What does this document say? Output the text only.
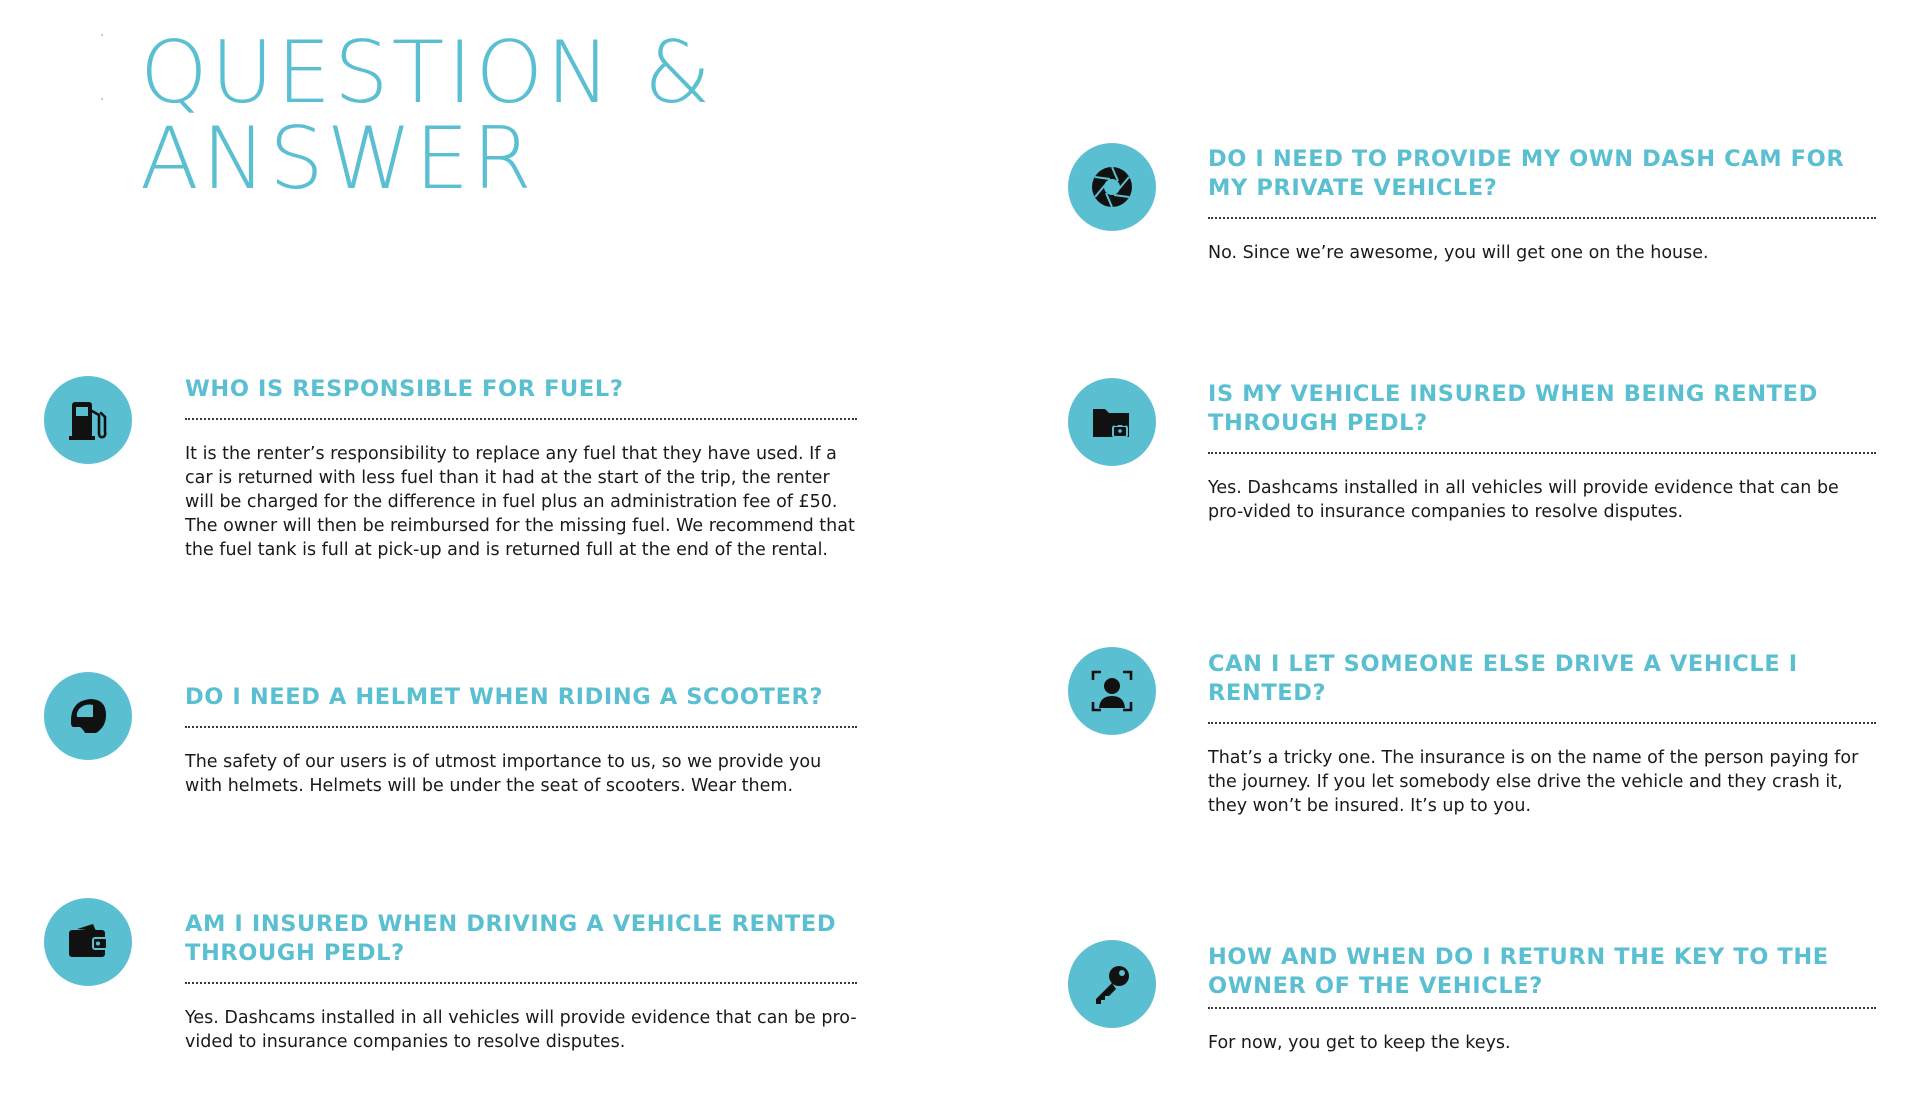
QUESTION &
ANSWER
WHO IS RESPONSIBLE FOR FUEL?

It is the renter’s responsibility to replace any fuel that they have used. If a car is returned with less fuel than it had at the start of the trip, the renter will be charged for the difference in fuel plus an administration fee of £50. The owner will then be reimbursed for the missing fuel. We recommend that the fuel tank is full at pick-up and is returned full at the end of the rental.

DO I NEED A HELMET WHEN RIDING A SCOOTER?

The safety of our users is of utmost importance to us, so we provide you with helmets. Helmets will be under the seat of scooters. Wear them.

AM I INSURED WHEN DRIVING A VEHICLE RENTED THROUGH PEDL?

Yes. Dashcams installed in all vehicles will provide evidence that can be pro-vided to insurance companies to resolve disputes.

DO I NEED TO PROVIDE MY OWN DASH CAM FOR MY PRIVATE VEHICLE?

No. Since we’re awesome, you will get one on the house.

IS MY VEHICLE INSURED WHEN BEING RENTED THROUGH PEDL?

Yes. Dashcams installed in all vehicles will provide evidence that can be pro-vided to insurance companies to resolve disputes.

CAN I LET SOMEONE ELSE DRIVE A VEHICLE I RENTED?

That’s a tricky one. The insurance is on the name of the person paying for the journey. If you let somebody else drive the vehicle and they crash it, they won’t be insured. It’s up to you.

HOW AND WHEN DO I RETURN THE KEY TO THE OWNER OF THE VEHICLE?

For now, you get to keep the keys.
